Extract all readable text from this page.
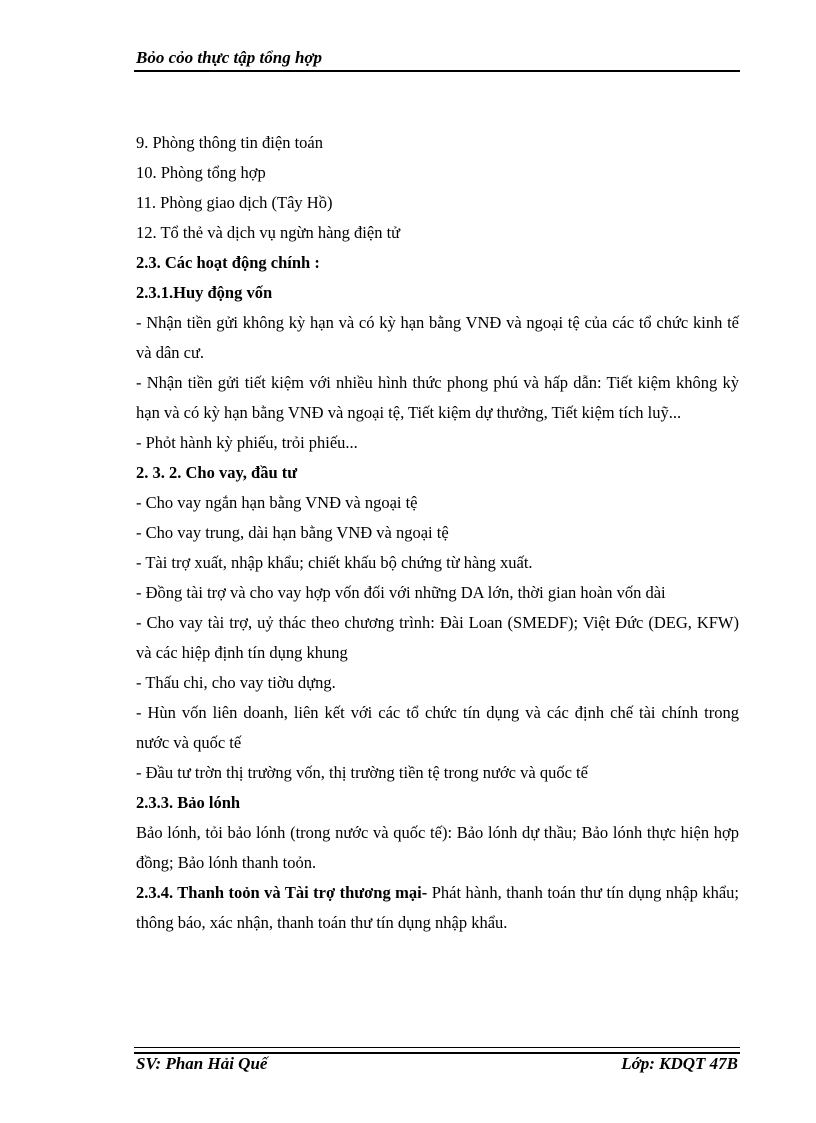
Bỏo cỏo thực tập tổng hợp

9. Phòng thông tin điện toán

10. Phòng tổng hợp

11. Phòng giao dịch (Tây Hồ)

12. Tổ thẻ và dịch vụ ngừn hàng điện tử

2.3. Các hoạt động chính :

2.3.1.Huy động vốn

- Nhận tiền gửi không kỳ hạn và có kỳ hạn bằng VNĐ và ngoại tệ của các tổ chức kinh tế và dân cư.

- Nhận tiền gửi tiết kiệm với nhiều hình thức phong phú và hấp dẫn: Tiết kiệm không kỳ hạn và có kỳ hạn bằng VNĐ và ngoại tệ, Tiết kiệm dự thưởng, Tiết kiệm tích luỹ...

- Phỏt hành kỳ phiếu, trỏi phiếu...

2. 3. 2. Cho vay, đầu tư

- Cho vay ngắn hạn bằng VNĐ và ngoại tệ

- Cho vay trung, dài hạn bằng VNĐ và ngoại tệ

- Tài trợ xuất, nhập khẩu; chiết khấu bộ chứng từ hàng xuất.

- Đồng tài trợ và cho vay hợp vốn đối với những DA lớn, thời gian hoàn vốn dài

- Cho vay tài trợ, uỷ thác theo chương trình: Đài Loan (SMEDF); Việt Đức (DEG, KFW) và các hiệp định tín dụng khung

- Thấu chi, cho vay tiờu dựng.

- Hùn vốn liên doanh, liên kết với các tổ chức tín dụng và các định chế tài chính trong nước và quốc tế

- Đầu tư trờn thị trường vốn, thị trường tiền tệ trong nước và quốc tế

2.3.3. Bảo lónh

Bảo lónh, tỏi bảo lónh (trong nước và quốc tế): Bảo lónh dự thầu; Bảo lónh thực hiện hợp đồng; Bảo lónh thanh toỏn.

2.3.4. Thanh toỏn và Tài trợ thương mại- Phát hành, thanh toán thư tín dụng nhập khẩu; thông báo, xác nhận, thanh toán thư tín dụng nhập khẩu.

SV: Phan Hải Quế	Lớp: KDQT 47B
